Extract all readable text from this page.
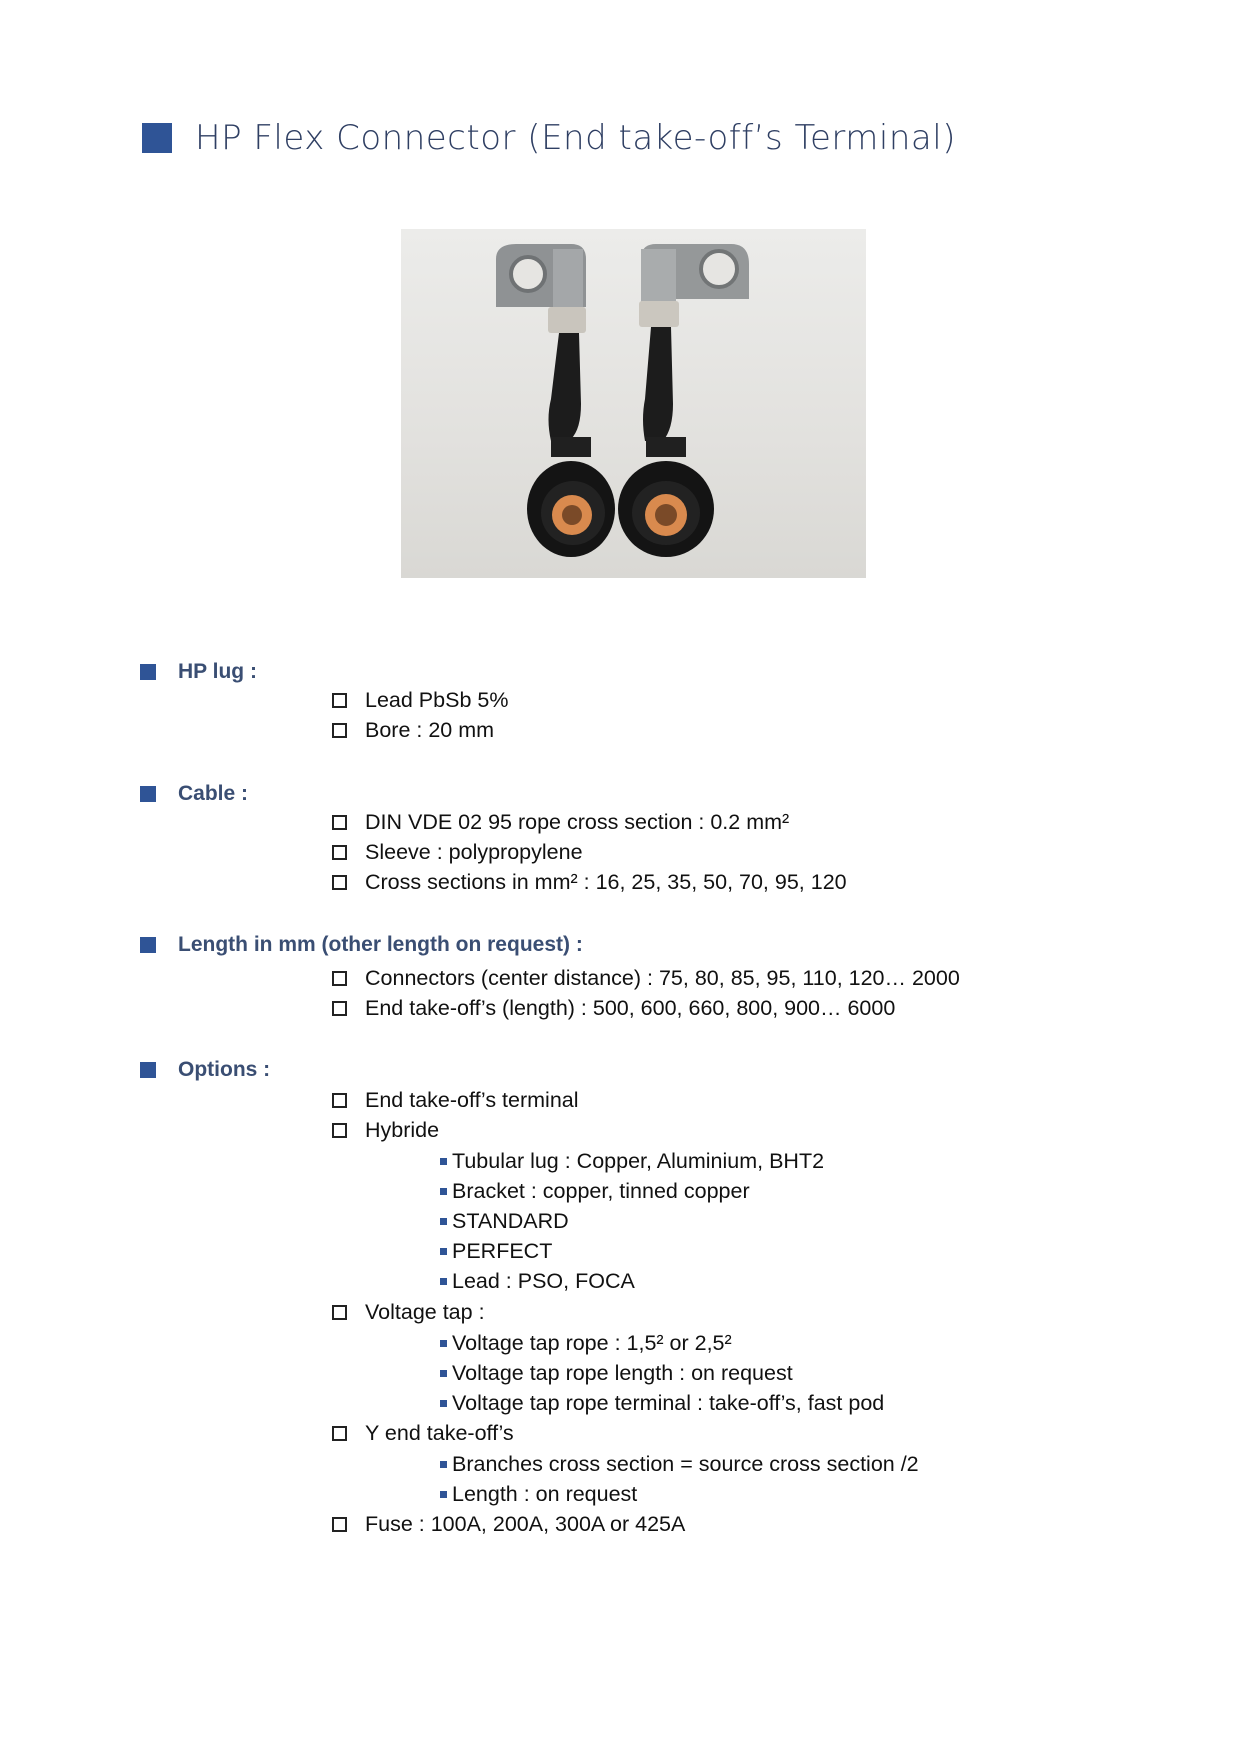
HP Flex Connector (End take-off’s Terminal)
HP lug :
Lead PbSb 5%
Bore : 20 mm
Cable :
DIN VDE 02 95 rope cross section : 0.2 mm²
Sleeve : polypropylene
Cross sections in mm² : 16, 25, 35, 50, 70, 95, 120
Length in mm (other length on request) :
Connectors (center distance) : 75, 80, 85, 95, 110, 120… 2000
End take-off’s (length) : 500, 600, 660, 800, 900… 6000
Options :
End take-off’s terminal
Hybride
Tubular lug : Copper, Aluminium, BHT2
Bracket : copper, tinned copper
STANDARD
PERFECT
Lead : PSO, FOCA
Voltage tap :
Voltage tap rope : 1,5² or 2,5²
Voltage tap rope length : on request
Voltage tap rope terminal : take-off’s, fast pod
Y end take-off’s
Branches cross section = source cross section /2
Length : on request
Fuse : 100A, 200A, 300A or 425A
